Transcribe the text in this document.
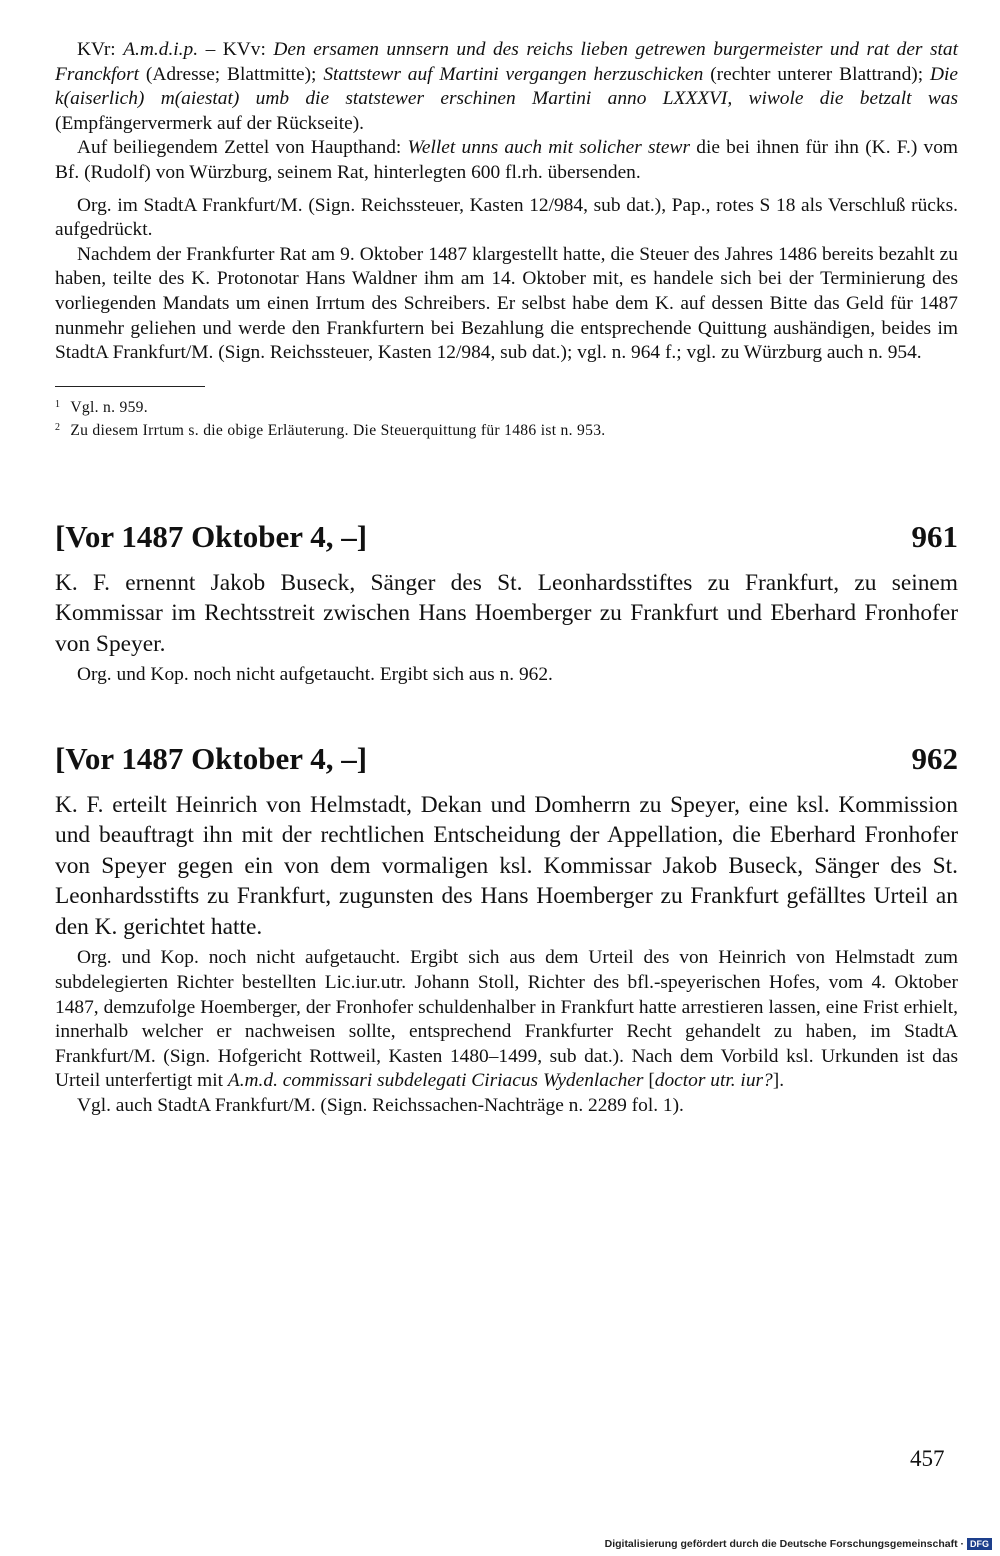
KVr: A.m.d.i.p. – KVv: Den ersamen unnsern und des reichs lieben getrewen burgermeister und rat der stat Franckfort (Adresse; Blattmitte); Stattstewr auf Martini vergangen herzuschicken (rechter unterer Blattrand); Die k(aiserlich) m(aiestat) umb die statstewer erschinen Martini anno LXXXVI, wiwole die betzalt was (Empfängervermerk auf der Rückseite).

Auf beiliegendem Zettel von Haupthand: Wellet unns auch mit solicher stewr die bei ihnen für ihn (K. F.) vom Bf. (Rudolf) von Würzburg, seinem Rat, hinterlegten 600 fl.rh. übersenden.

Org. im StadtA Frankfurt/M. (Sign. Reichssteuer, Kasten 12/984, sub dat.), Pap., rotes S 18 als Verschluß rücks. aufgedrückt.

Nachdem der Frankfurter Rat am 9. Oktober 1487 klargestellt hatte, die Steuer des Jahres 1486 bereits bezahlt zu haben, teilte des K. Protonotar Hans Waldner ihm am 14. Oktober mit, es handele sich bei der Terminierung des vorliegenden Mandats um einen Irrtum des Schreibers. Er selbst habe dem K. auf dessen Bitte das Geld für 1487 nunmehr geliehen und werde den Frankfurtern bei Bezahlung die entsprechende Quittung aushändigen, beides im StadtA Frankfurt/M. (Sign. Reichssteuer, Kasten 12/984, sub dat.); vgl. n. 964 f.; vgl. zu Würzburg auch n. 954.

$^1$ Vgl. n. 959.

$^2$ Zu diesem Irrtum s. die obige Erläuterung. Die Steuerquittung für 1486 ist n. 953.

[Vor 1487 Oktober 4, –]	961

K. F. ernennt Jakob Buseck, Sänger des St. Leonhardsstiftes zu Frankfurt, zu seinem Kommissar im Rechtsstreit zwischen Hans Hoemberger zu Frankfurt und Eberhard Fronhofer von Speyer.

Org. und Kop. noch nicht aufgetaucht. Ergibt sich aus n. 962.

[Vor 1487 Oktober 4, –]	962

K. F. erteilt Heinrich von Helmstadt, Dekan und Domherrn zu Speyer, eine ksl. Kommission und beauftragt ihn mit der rechtlichen Entscheidung der Appellation, die Eberhard Fronhofer von Speyer gegen ein von dem vormaligen ksl. Kommissar Jakob Buseck, Sänger des St. Leonhardsstifts zu Frankfurt, zugunsten des Hans Hoemberger zu Frankfurt gefälltes Urteil an den K. gerichtet hatte.

Org. und Kop. noch nicht aufgetaucht. Ergibt sich aus dem Urteil des von Heinrich von Helmstadt zum subdelegierten Richter bestellten Lic.iur.utr. Johann Stoll, Richter des bfl.-speyerischen Hofes, vom 4. Oktober 1487, demzufolge Hoemberger, der Fronhofer schuldenhalber in Frankfurt hatte arrestieren lassen, eine Frist erhielt, innerhalb welcher er nachweisen sollte, entsprechend Frankfurter Recht gehandelt zu haben, im StadtA Frankfurt/M. (Sign. Hofgericht Rottweil, Kasten 1480–1499, sub dat.). Nach dem Vorbild ksl. Urkunden ist das Urteil unterfertigt mit A.m.d. commissari subdelegati Ciriacus Wydenlacher [doctor utr. iur?].

Vgl. auch StadtA Frankfurt/M. (Sign. Reichssachen-Nachträge n. 2289 fol. 1).

457
Digitalisierung gefördert durch die Deutsche Forschungsgemeinschaft · DFG
